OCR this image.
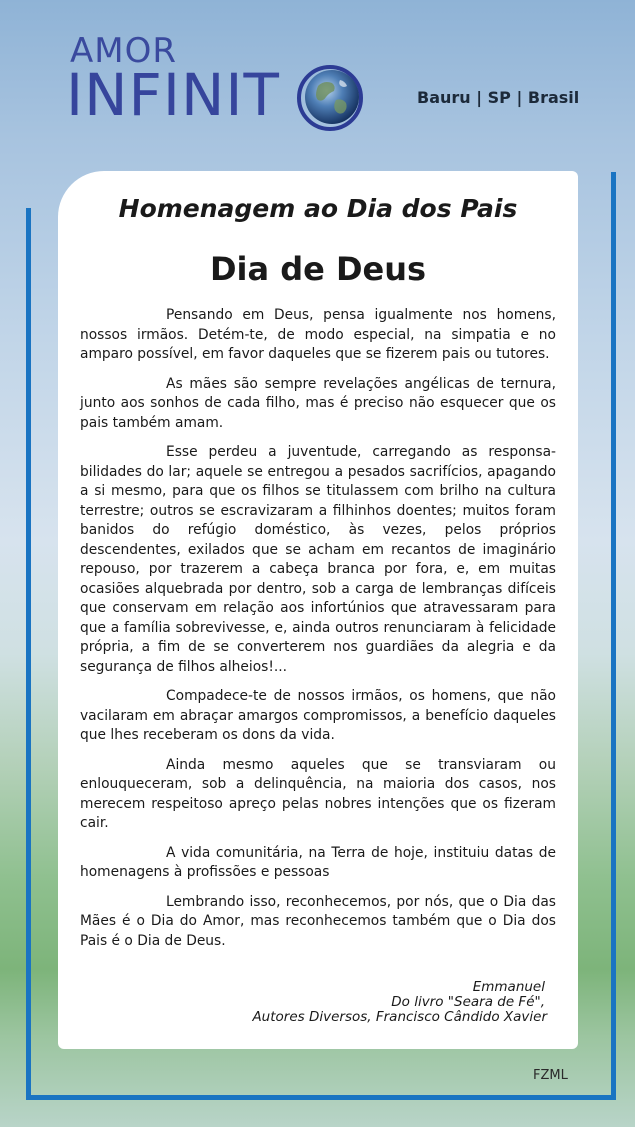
AMOR
INFINIT	Bauru | SP | Brasil
Homenagem ao Dia dos Pais
Dia de Deus

Pensando em Deus, pensa igualmente nos homens, nossos irmãos. Detém-te, de modo especial, na simpatia e no amparo possível, em favor daqueles que se fizerem pais ou tutores.

As mães são sempre revelações angélicas de ternura, junto aos sonhos de cada filho, mas é preciso não esquecer que os pais também amam.

Esse perdeu a juventude, carregando as responsa-bilidades do lar; aquele se entregou a pesados sacrifícios, apagando a si mesmo, para que os filhos se titulassem com brilho na cultura terrestre; outros se escravizaram a filhinhos doentes; muitos foram banidos do refúgio doméstico, às vezes, pelos próprios descendentes, exilados que se acham em recantos de imaginário repouso, por trazerem a cabeça branca por fora, e, em muitas ocasiões alquebrada por dentro, sob a carga de lembranças difíceis que conservam em relação aos infortúnios que atravessaram para que a família sobrevivesse, e, ainda outros renunciaram à felicidade própria, a fim de se converterem nos guardiães da alegria e da segurança de filhos alheios!...

Compadece-te de nossos irmãos, os homens, que não vacilaram em abraçar amargos compromissos, a benefício daqueles que lhes receberam os dons da vida.

Ainda mesmo aqueles que se transviaram ou enlouqueceram, sob a delinquência, na maioria dos casos, nos merecem respeitoso apreço pelas nobres intenções que os fizeram cair.

A vida comunitária, na Terra de hoje, instituiu datas de homenagens à profissões e pessoas

Lembrando isso, reconhecemos, por nós, que o Dia das Mães é o Dia do Amor, mas reconhecemos também que o Dia dos Pais é o Dia de Deus.

Emmanuel
Do livro "Seara de Fé",
Autores Diversos, Francisco Cândido Xavier
FZML
